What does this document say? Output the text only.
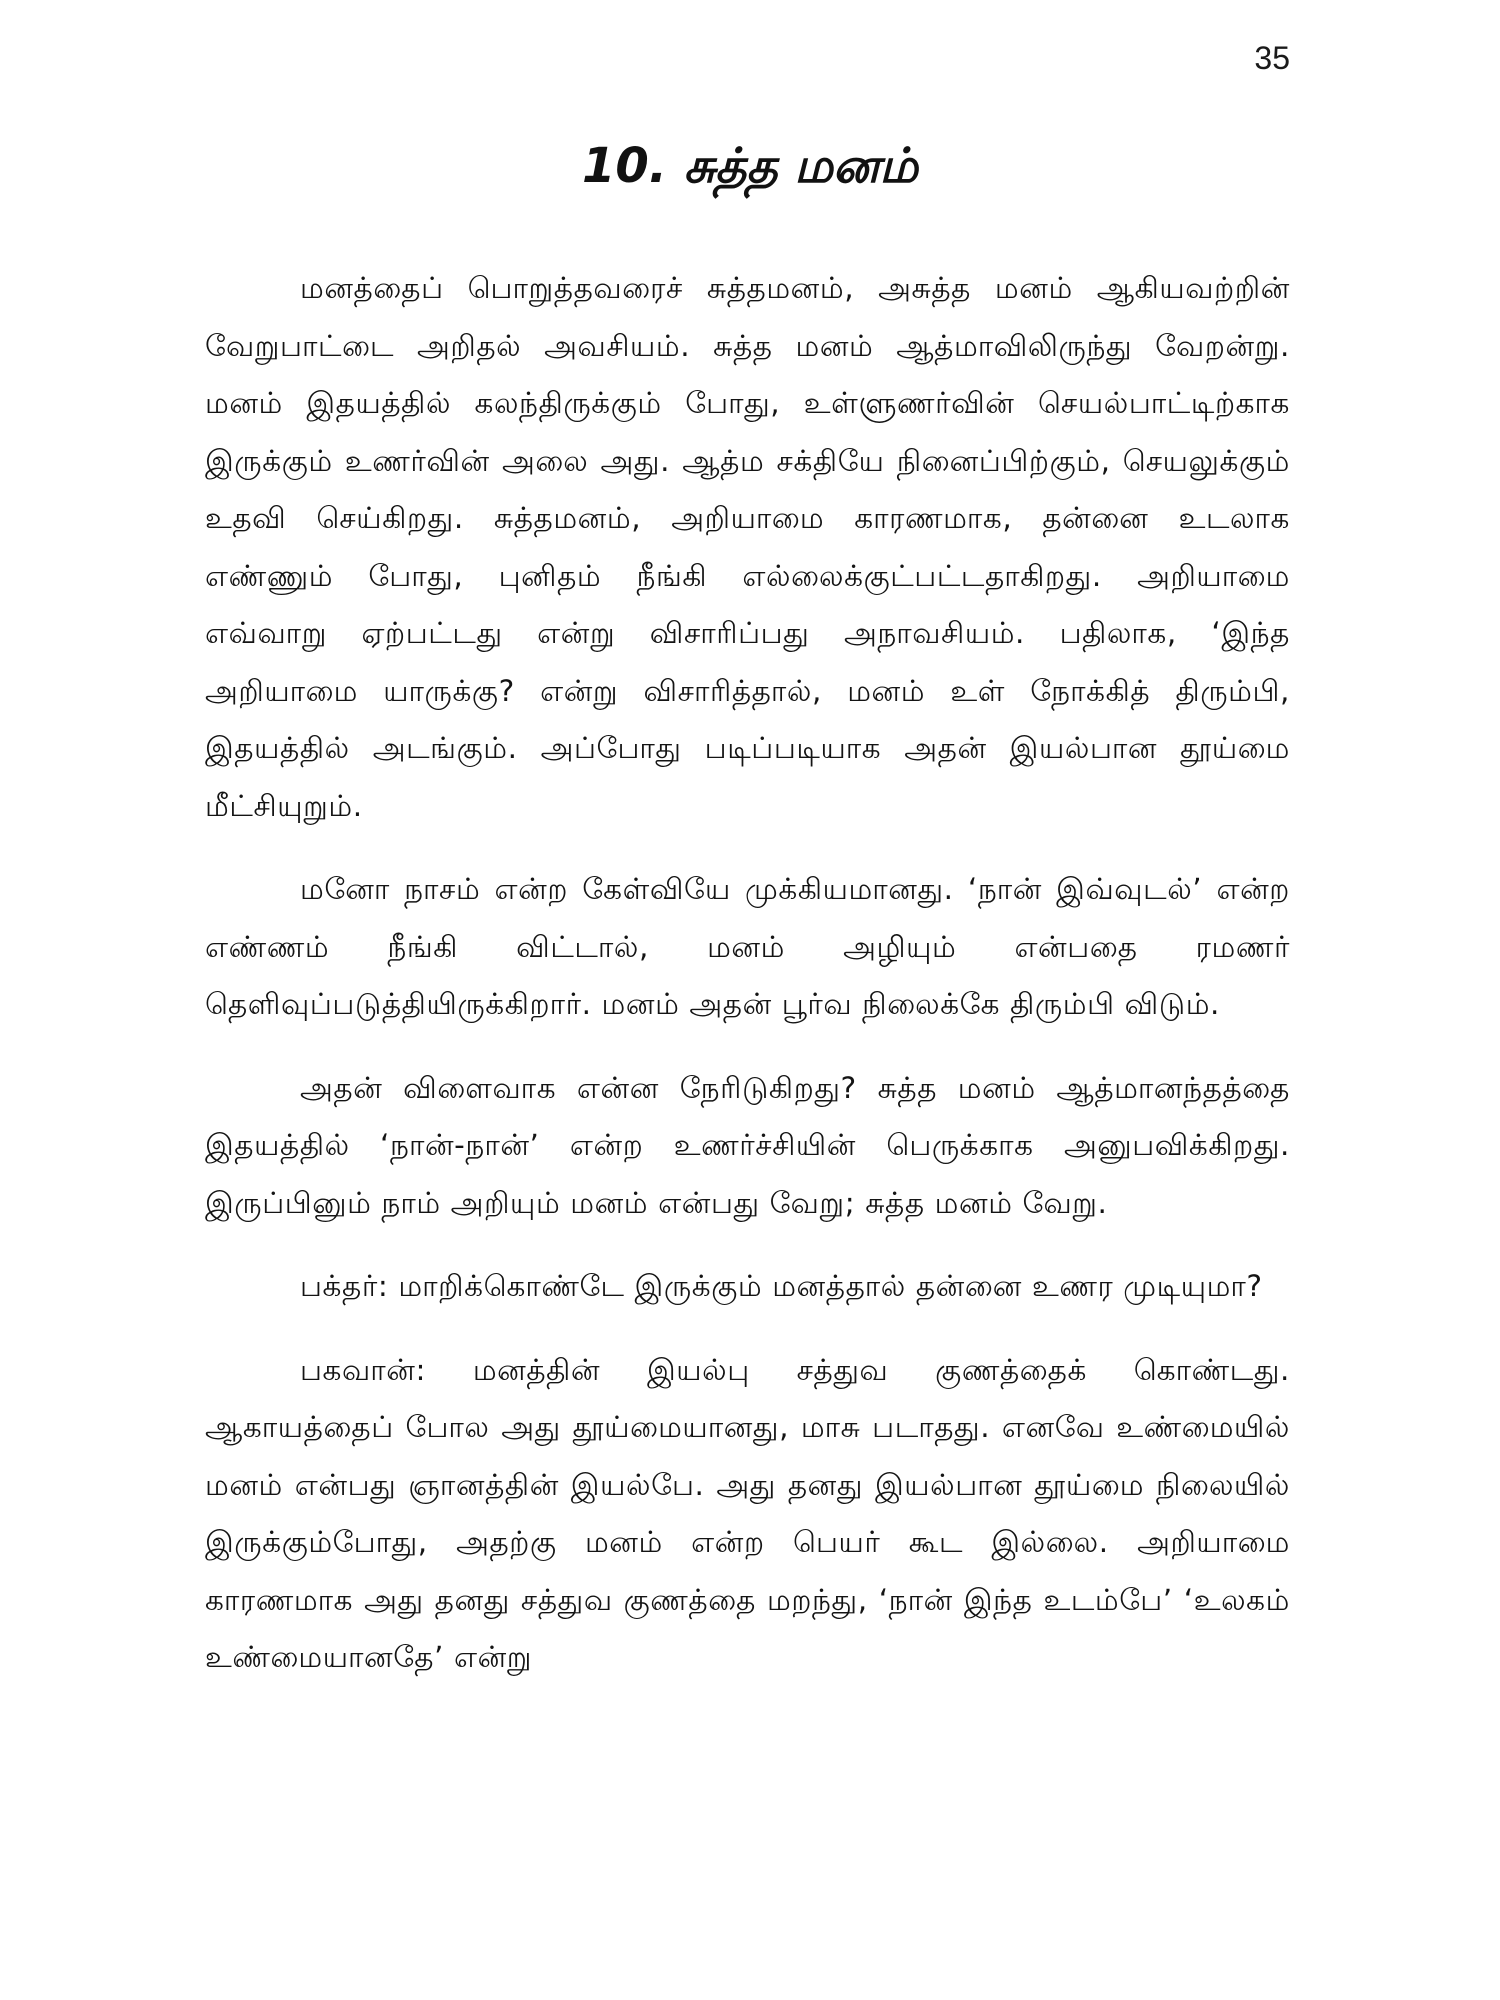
35
10. சுத்த மனம்

மனத்தைப் பொறுத்தவரைச் சுத்தமனம், அசுத்த மனம் ஆகியவற்றின் வேறுபாட்டை அறிதல் அவசியம். சுத்த மனம் ஆத்மாவிலிருந்து வேறன்று. மனம் இதயத்தில் கலந்திருக்கும் போது, உள்ளுணர்வின் செயல்பாட்டிற்காக இருக்கும் உணர்வின் அலை அது. ஆத்ம சக்தியே நினைப்பிற்கும், செயலுக்கும் உதவி செய்கிறது. சுத்தமனம், அறியாமை காரணமாக, தன்னை உடலாக எண்ணும் போது, புனிதம் நீங்கி எல்லைக்குட்பட்டதாகிறது. அறியாமை எவ்வாறு ஏற்பட்டது என்று விசாரிப்பது அநாவசியம். பதிலாக, ‘இந்த அறியாமை யாருக்கு? என்று விசாரித்தால், மனம் உள் நோக்கித் திரும்பி, இதயத்தில் அடங்கும். அப்போது படிப்படியாக அதன் இயல்பான தூய்மை மீட்சியுறும்.

மனோ நாசம் என்ற கேள்வியே முக்கியமானது. ‘நான் இவ்வுடல்’ என்ற எண்ணம் நீங்கி விட்டால், மனம் அழியும் என்பதை ரமணர் தெளிவுப்படுத்தியிருக்கிறார். மனம் அதன் பூர்வ நிலைக்கே திரும்பி விடும்.

அதன் விளைவாக என்ன நேரிடுகிறது? சுத்த மனம் ஆத்மானந்தத்தை இதயத்தில் ‘நான்-நான்’ என்ற உணர்ச்சியின் பெருக்காக அனுபவிக்கிறது. இருப்பினும் நாம் அறியும் மனம் என்பது வேறு; சுத்த மனம் வேறு.

பக்தர்: மாறிக்கொண்டே இருக்கும் மனத்தால் தன்னை உணர முடியுமா?

பகவான்: மனத்தின் இயல்பு சத்துவ குணத்தைக் கொண்டது. ஆகாயத்தைப் போல அது தூய்மையானது, மாசு படாதது. எனவே உண்மையில் மனம் என்பது ஞானத்தின் இயல்பே. அது தனது இயல்பான தூய்மை நிலையில் இருக்கும்போது, அதற்கு மனம் என்ற பெயர் கூட இல்லை. அறியாமை காரணமாக அது தனது சத்துவ குணத்தை மறந்து, ‘நான் இந்த உடம்பே’ ‘உலகம் உண்மையானதே’ என்று
